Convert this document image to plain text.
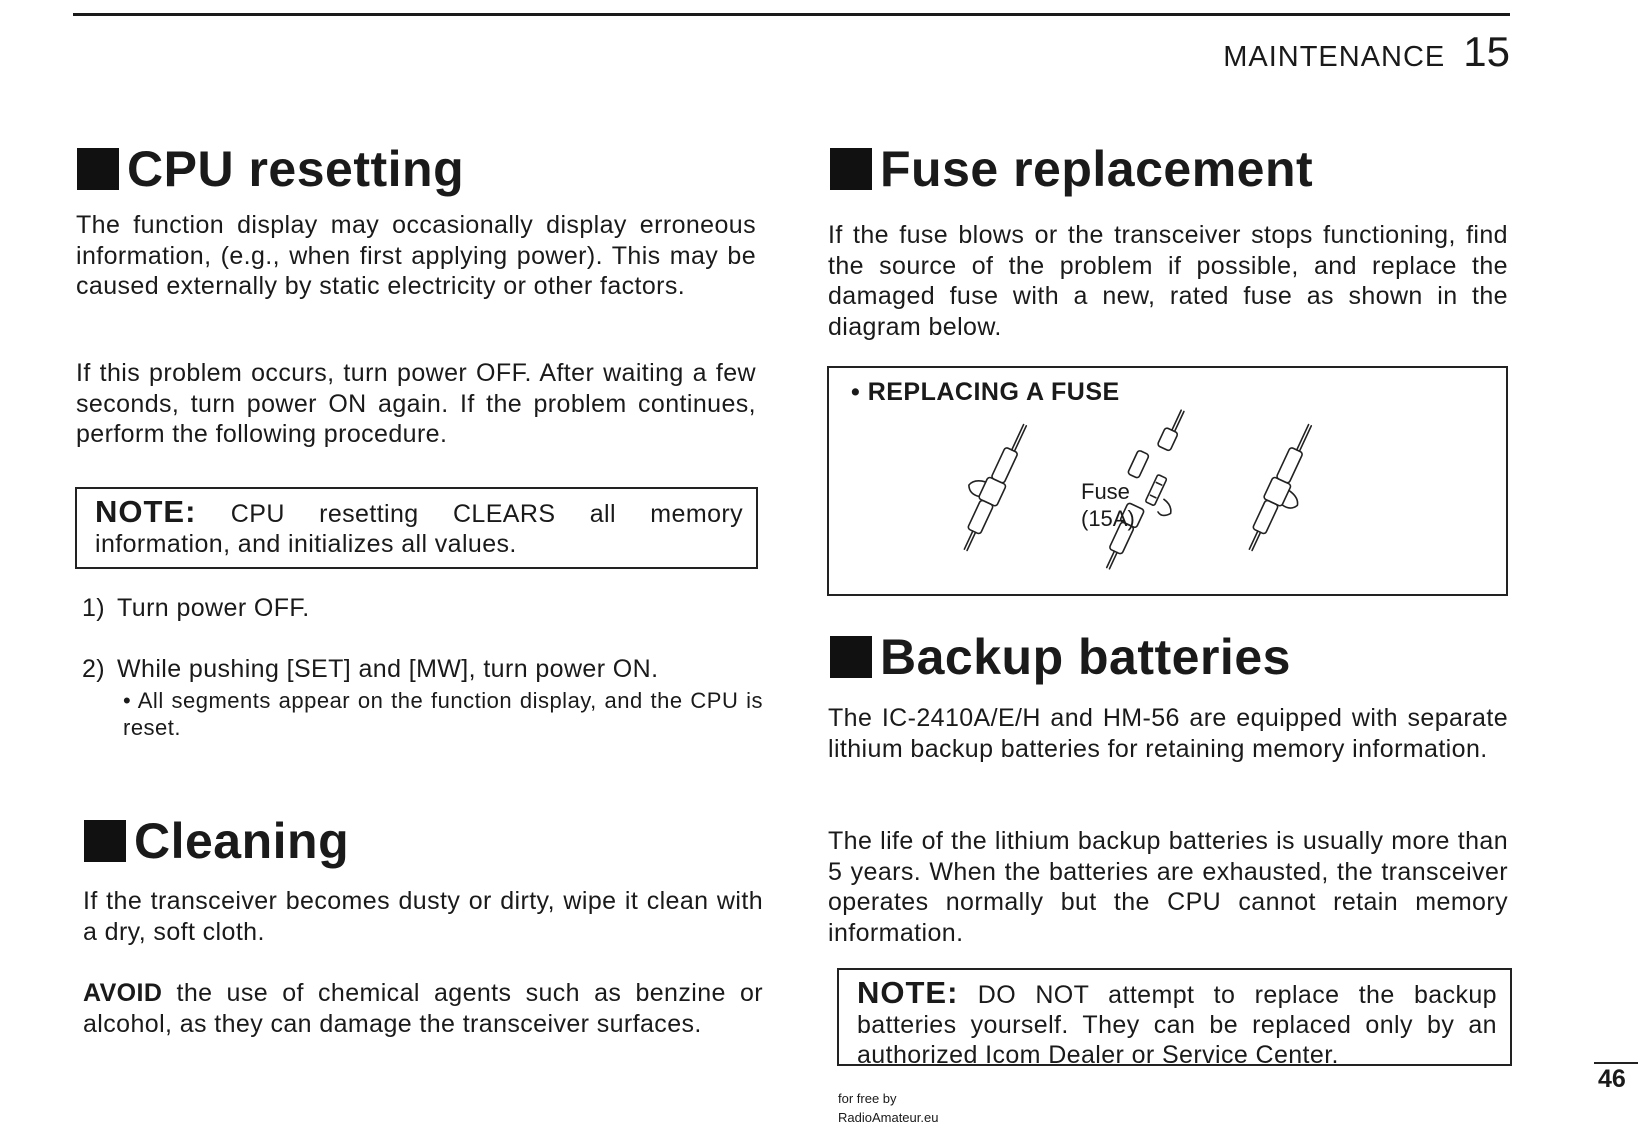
MAINTENANCE 15
CPU resetting
The function display may occasionally display erroneous information, (e.g., when first applying power). This may be caused externally by static electricity or other factors.
If this problem occurs, turn power OFF. After waiting a few seconds, turn power ON again. If the problem continues, perform the following procedure.
NOTE: CPU resetting CLEARS all memory information, and initializes all values.
1) Turn power OFF.
2) While pushing [SET] and [MW], turn power ON.
• All segments appear on the function display, and the CPU is reset.
Cleaning
If the transceiver becomes dusty or dirty, wipe it clean with a dry, soft cloth.
AVOID the use of chemical agents such as benzine or alcohol, as they can damage the transceiver surfaces.
Fuse replacement
If the fuse blows or the transceiver stops functioning, find the source of the problem if possible, and replace the damaged fuse with a new, rated fuse as shown in the diagram below.
• REPLACING A FUSE
Fuse
(15A)
Backup batteries
The IC-2410A/E/H and HM-56 are equipped with separate lithium backup batteries for retaining memory information.
The life of the lithium backup batteries is usually more than 5 years. When the batteries are exhausted, the transceiver operates normally but the CPU cannot retain memory information.
NOTE: DO NOT attempt to replace the backup batteries yourself. They can be replaced only by an authorized Icom Dealer or Service Center.
for free by
RadioAmateur.eu
46
